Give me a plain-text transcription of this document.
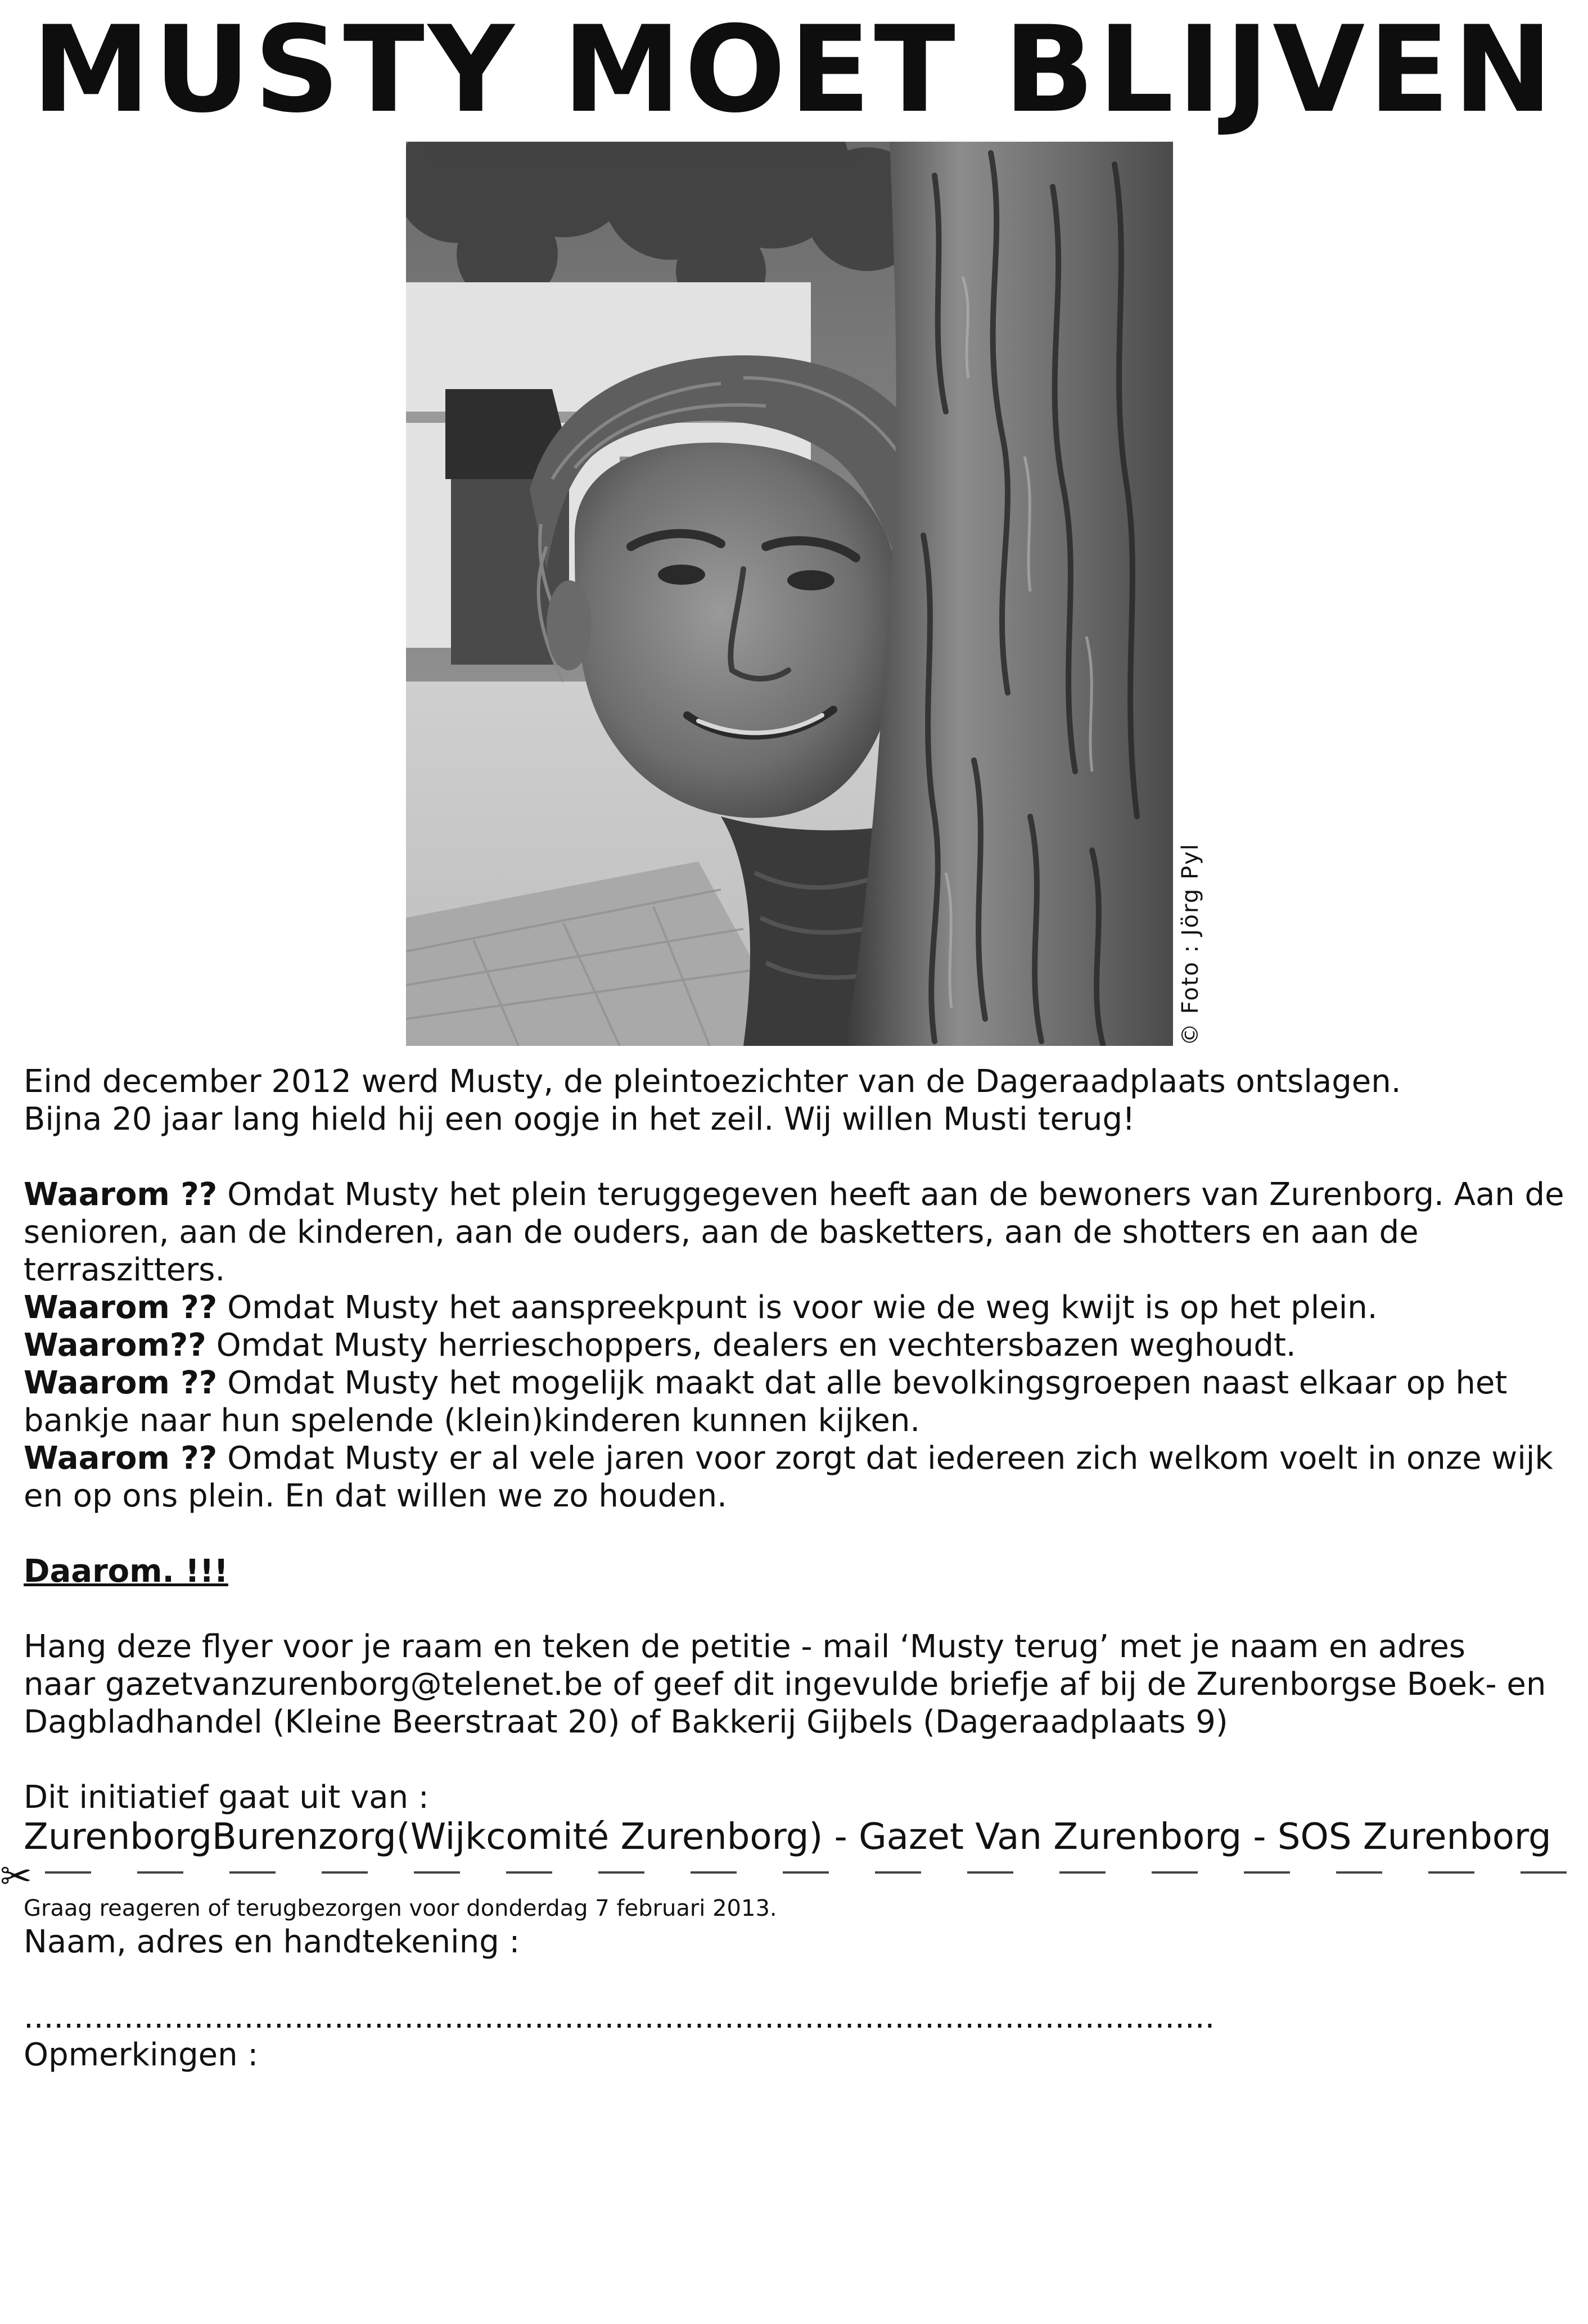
MUSTY MOET BLIJVEN
© Foto : Jörg Pyl

Eind december 2012 werd Musty, de pleintoezichter van de Dageraadplaats ontslagen.

Bijna 20 jaar lang hield hij een oogje in het zeil. Wij willen Musti terug!

Waarom ?? Omdat Musty het plein teruggegeven heeft aan de bewoners van Zurenborg. Aan de senioren, aan de kinderen, aan de ouders, aan de basketters, aan de shotters en aan de terraszitters.

Waarom ?? Omdat Musty het aanspreekpunt is voor wie de weg kwijt is op het plein.

Waarom?? Omdat Musty herrieschoppers, dealers en vechtersbazen weghoudt.

Waarom ?? Omdat Musty het mogelijk maakt dat alle bevolkingsgroepen naast elkaar op het bankje naar hun spelende (klein)kinderen kunnen kijken.

Waarom ?? Omdat Musty er al vele jaren voor zorgt dat iedereen zich welkom voelt in onze wijk en op ons plein. En dat willen we zo houden.

Daarom. !!!

Hang deze flyer voor je raam en teken de petitie - mail ‘Musty terug’ met je naam en adres

naar gazetvanzurenborg@telenet.be of geef dit ingevulde briefje af bij de Zurenborgse Boek- en Dagbladhandel (Kleine Beerstraat 20) of Bakkerij Gijbels (Dageraadplaats 9)

Dit initiatief gaat uit van :

ZurenborgBurenzorg(Wijkcomité Zurenborg) - Gazet Van Zurenborg - SOS Zurenborg

✂

Graag reageren of terugbezorgen voor donderdag 7 februari 2013.

Naam, adres en handtekening :

.......................................................................................................................

Opmerkingen :
